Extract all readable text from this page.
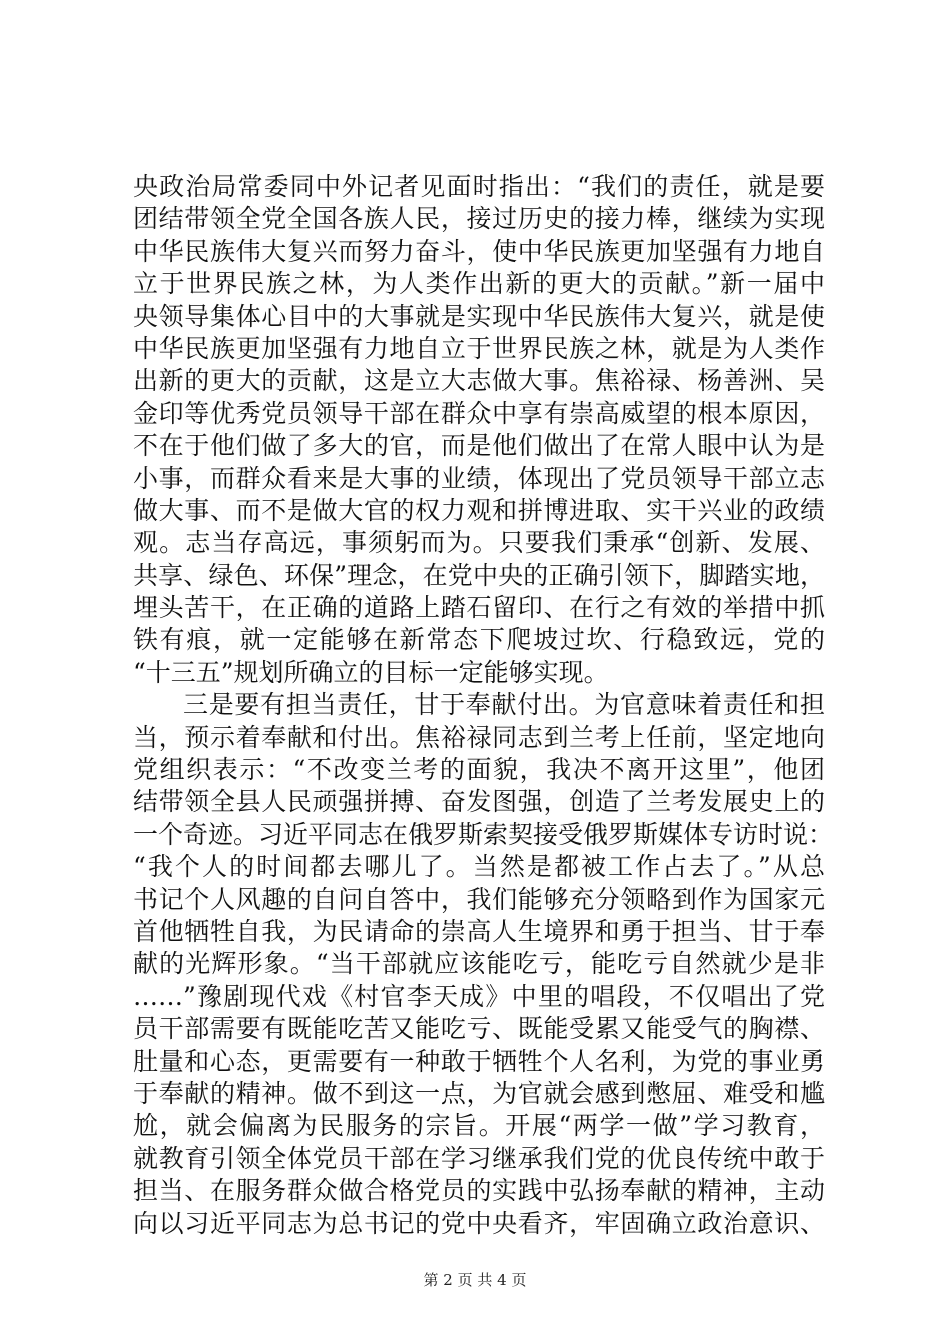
央政治局常委同中外记者见面时指出：“我们的责任，就是要
团结带领全党全国各族人民，接过历史的接力棒，继续为实现
中华民族伟大复兴而努力奋斗，使中华民族更加坚强有力地自
立于世界民族之林，为人类作出新的更大的贡献。”新一届中
央领导集体心目中的大事就是实现中华民族伟大复兴，就是使
中华民族更加坚强有力地自立于世界民族之林，就是为人类作
出新的更大的贡献，这是立大志做大事。焦裕禄、杨善洲、吴
金印等优秀党员领导干部在群众中享有崇高威望的根本原因，
不在于他们做了多大的官，而是他们做出了在常人眼中认为是
小事，而群众看来是大事的业绩，体现出了党员领导干部立志
做大事、而不是做大官的权力观和拼博进取、实干兴业的政绩
观。志当存高远，事须躬而为。只要我们秉承“创新、发展、
共享、绿色、环保”理念，在党中央的正确引领下，脚踏实地，
埋头苦干，在正确的道路上踏石留印、在行之有效的举措中抓
铁有痕，就一定能够在新常态下爬坡过坎、行稳致远，党的
“十三五”规划所确立的目标一定能够实现。
三是要有担当责任，甘于奉献付出。为官意味着责任和担
当，预示着奉献和付出。焦裕禄同志到兰考上任前，坚定地向
党组织表示：“不改变兰考的面貌，我决不离开这里”，他团
结带领全县人民顽强拼搏、奋发图强，创造了兰考发展史上的
一个奇迹。习近平同志在俄罗斯索契接受俄罗斯媒体专访时说：
“我个人的时间都去哪儿了。当然是都被工作占去了。”从总
书记个人风趣的自问自答中，我们能够充分领略到作为国家元
首他牺牲自我，为民请命的崇高人生境界和勇于担当、甘于奉
献的光辉形象。“当干部就应该能吃亏，能吃亏自然就少是非
……”豫剧现代戏《村官李天成》中里的唱段，不仅唱出了党
员干部需要有既能吃苦又能吃亏、既能受累又能受气的胸襟、
肚量和心态，更需要有一种敢于牺牲个人名利，为党的事业勇
于奉献的精神。做不到这一点，为官就会感到憋屈、难受和尴
尬，就会偏离为民服务的宗旨。开展“两学一做”学习教育，
就教育引领全体党员干部在学习继承我们党的优良传统中敢于
担当、在服务群众做合格党员的实践中弘扬奉献的精神，主动
向以习近平同志为总书记的党中央看齐，牢固确立政治意识、
第 2 页 共 4 页
